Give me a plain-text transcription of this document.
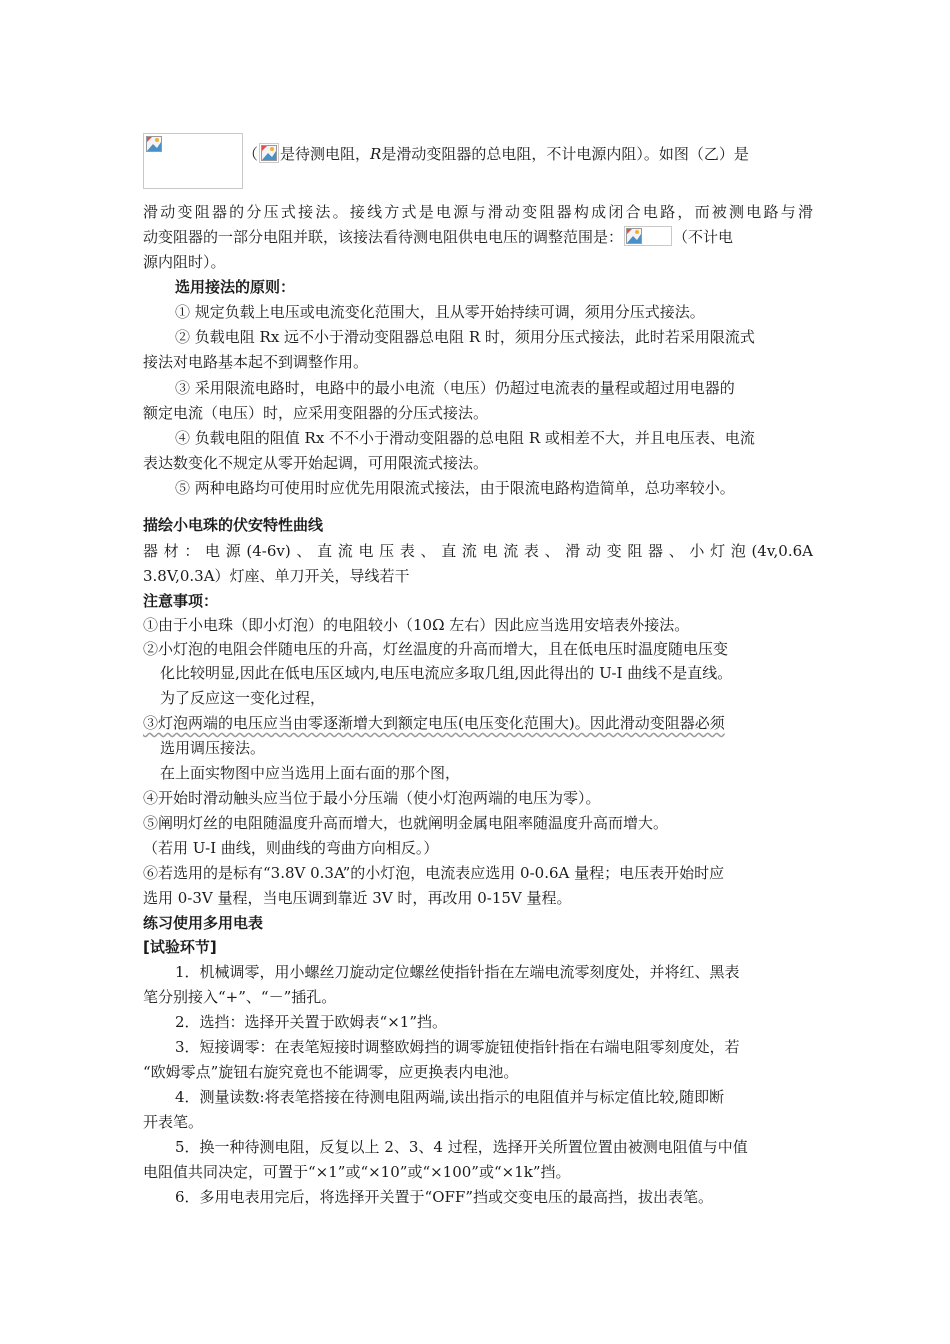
（ 是待测电阻，R是滑动变阻器的总电阻，不计电源内阻）。如图（乙）是
滑动变阻器的分压式接法。接线方式是电源与滑动变阻器构成闭合电路，而被测电路与滑
动变阻器的一部分电阻并联，该接法看待测电阻供电电压的调整范围是：	（不计电
源内阻时）。
选用接法的原则：
① 规定负载上电压或电流变化范围大，且从零开始持续可调，须用分压式接法。
② 负载电阻 Rx 远不小于滑动变阻器总电阻 R 时，须用分压式接法，此时若采用限流式
接法对电路基本起不到调整作用。
③ 采用限流电路时，电路中的最小电流（电压）仍超过电流表的量程或超过用电器的
额定电流（电压）时，应采用变阻器的分压式接法。
④ 负载电阻的阻值 Rx 不不小于滑动变阻器的总电阻 R 或相差不大，并且电压表、电流
表达数变化不规定从零开始起调，可用限流式接法。
⑤ 两种电路均可使用时应优先用限流式接法，由于限流电路构造简单，总功率较小。
描绘小电珠的伏安特性曲线
器材：电源(4-6v)、直流电压表、直流电流表、滑动变阻器、小灯泡(4v,0.6A
3.8V,0.3A）灯座、单刀开关，导线若干
注意事项：
①由于小电珠（即小灯泡）的电阻较小（10Ω 左右）因此应当选用安培表外接法。
②小灯泡的电阻会伴随电压的升高，灯丝温度的升高而增大，且在低电压时温度随电压变
化比较明显,因此在低电压区域内,电压电流应多取几组,因此得出的 U-I 曲线不是直线。
为了反应这一变化过程，
③灯泡两端的电压应当由零逐渐增大到额定电压(电压变化范围大)。因此滑动变阻器必须
选用调压接法。
在上面实物图中应当选用上面右面的那个图，
④开始时滑动触头应当位于最小分压端（使小灯泡两端的电压为零）。
⑤阐明灯丝的电阻随温度升高而增大，也就阐明金属电阻率随温度升高而增大。
（若用 U-I 曲线，则曲线的弯曲方向相反。）
⑥若选用的是标有“3.8V 0.3A”的小灯泡，电流表应选用 0-0.6A 量程；电压表开始时应
选用 0-3V 量程，当电压调到靠近 3V 时，再改用 0-15V 量程。
练习使用多用电表
[试验环节]
1．机械调零，用小螺丝刀旋动定位螺丝使指针指在左端电流零刻度处，并将红、黑表
笔分别接入“+”、“－”插孔。
2．选挡：选择开关置于欧姆表“×1”挡。
3．短接调零：在表笔短接时调整欧姆挡的调零旋钮使指针指在右端电阻零刻度处，若
“欧姆零点”旋钮右旋究竟也不能调零，应更换表内电池。
4．测量读数:将表笔搭接在待测电阻两端,读出指示的电阻值并与标定值比较,随即断
开表笔。
5．换一种待测电阻，反复以上 2、3、4 过程，选择开关所置位置由被测电阻值与中值
电阻值共同决定，可置于“×1”或“×10”或“×100”或“×1k”挡。
6．多用电表用完后，将选择开关置于“OFF”挡或交变电压的最高挡，拔出表笔。
